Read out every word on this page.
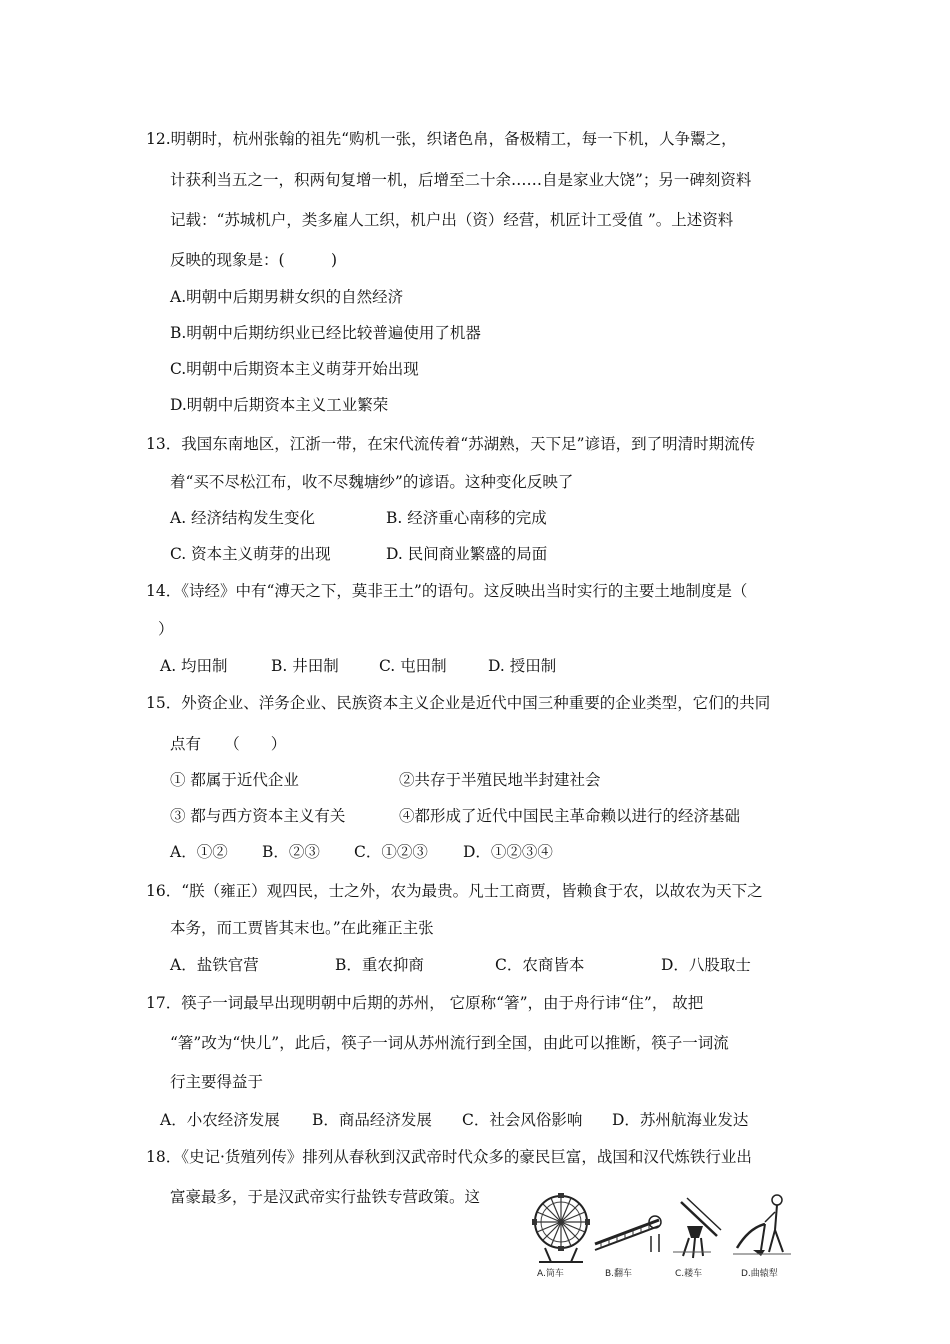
12.明朝时，杭州张翰的祖先“购机一张，织诸色帛，备极精工，每一下机，人争鬻之，
计获利当五之一，积两旬复增一机，后增至二十余……自是家业大饶”；另一碑刻资料
记载：“苏城机户，类多雇人工织，机户出（资）经营，机匠计工受值 ”。上述资料
反映的现象是：(　　　)
A.明朝中后期男耕女织的自然经济
B.明朝中后期纺织业已经比较普遍使用了机器
C.明朝中后期资本主义萌芽开始出现
D.明朝中后期资本主义工业繁荣
13．我国东南地区，江浙一带，在宋代流传着“苏湖熟，天下足”谚语，到了明清时期流传
着“买不尽松江布，收不尽魏塘纱”的谚语。这种变化反映了
A. 经济结构发生变化	B. 经济重心南移的完成
C. 资本主义萌芽的出现	D. 民间商业繁盛的局面
14．《诗经》中有“溥天之下，莫非王土”的语句。这反映出当时实行的主要土地制度是（
）
A. 均田制	B. 井田制	C. 屯田制	D. 授田制
15．外资企业、洋务企业、民族资本主义企业是近代中国三种重要的企业类型，它们的共同
点有　　（　　）
① 都属于近代企业	②共存于半殖民地半封建社会
③ 都与西方资本主义有关	④都形成了近代中国民主革命赖以进行的经济基础
A．①② B．②③ C．①②③ D．①②③④
16．“朕（雍正）观四民，士之外，农为最贵。凡士工商贾，皆赖食于农，以故农为天下之
本务，而工贾皆其末也。”在此雍正主张
A．盐铁官营	B．重农抑商	C．农商皆本	D．八股取士
17．筷子一词最早出现明朝中后期的苏州， 它原称“箸”，由于舟行讳“住”， 故把
“箸”改为“快儿”，此后，筷子一词从苏州流行到全国，由此可以推断，筷子一词流
行主要得益于
A．小农经济发展 B．商品经济发展 C．社会风俗影响 D．苏州航海业发达
18．《史记·货殖列传》排列从春秋到汉武帝时代众多的豪民巨富，战国和汉代炼铁行业出
富豪最多，于是汉武帝实行盐铁专营政策。这
A.筒车	B.翻车	C.耧车	D.曲辕犁
